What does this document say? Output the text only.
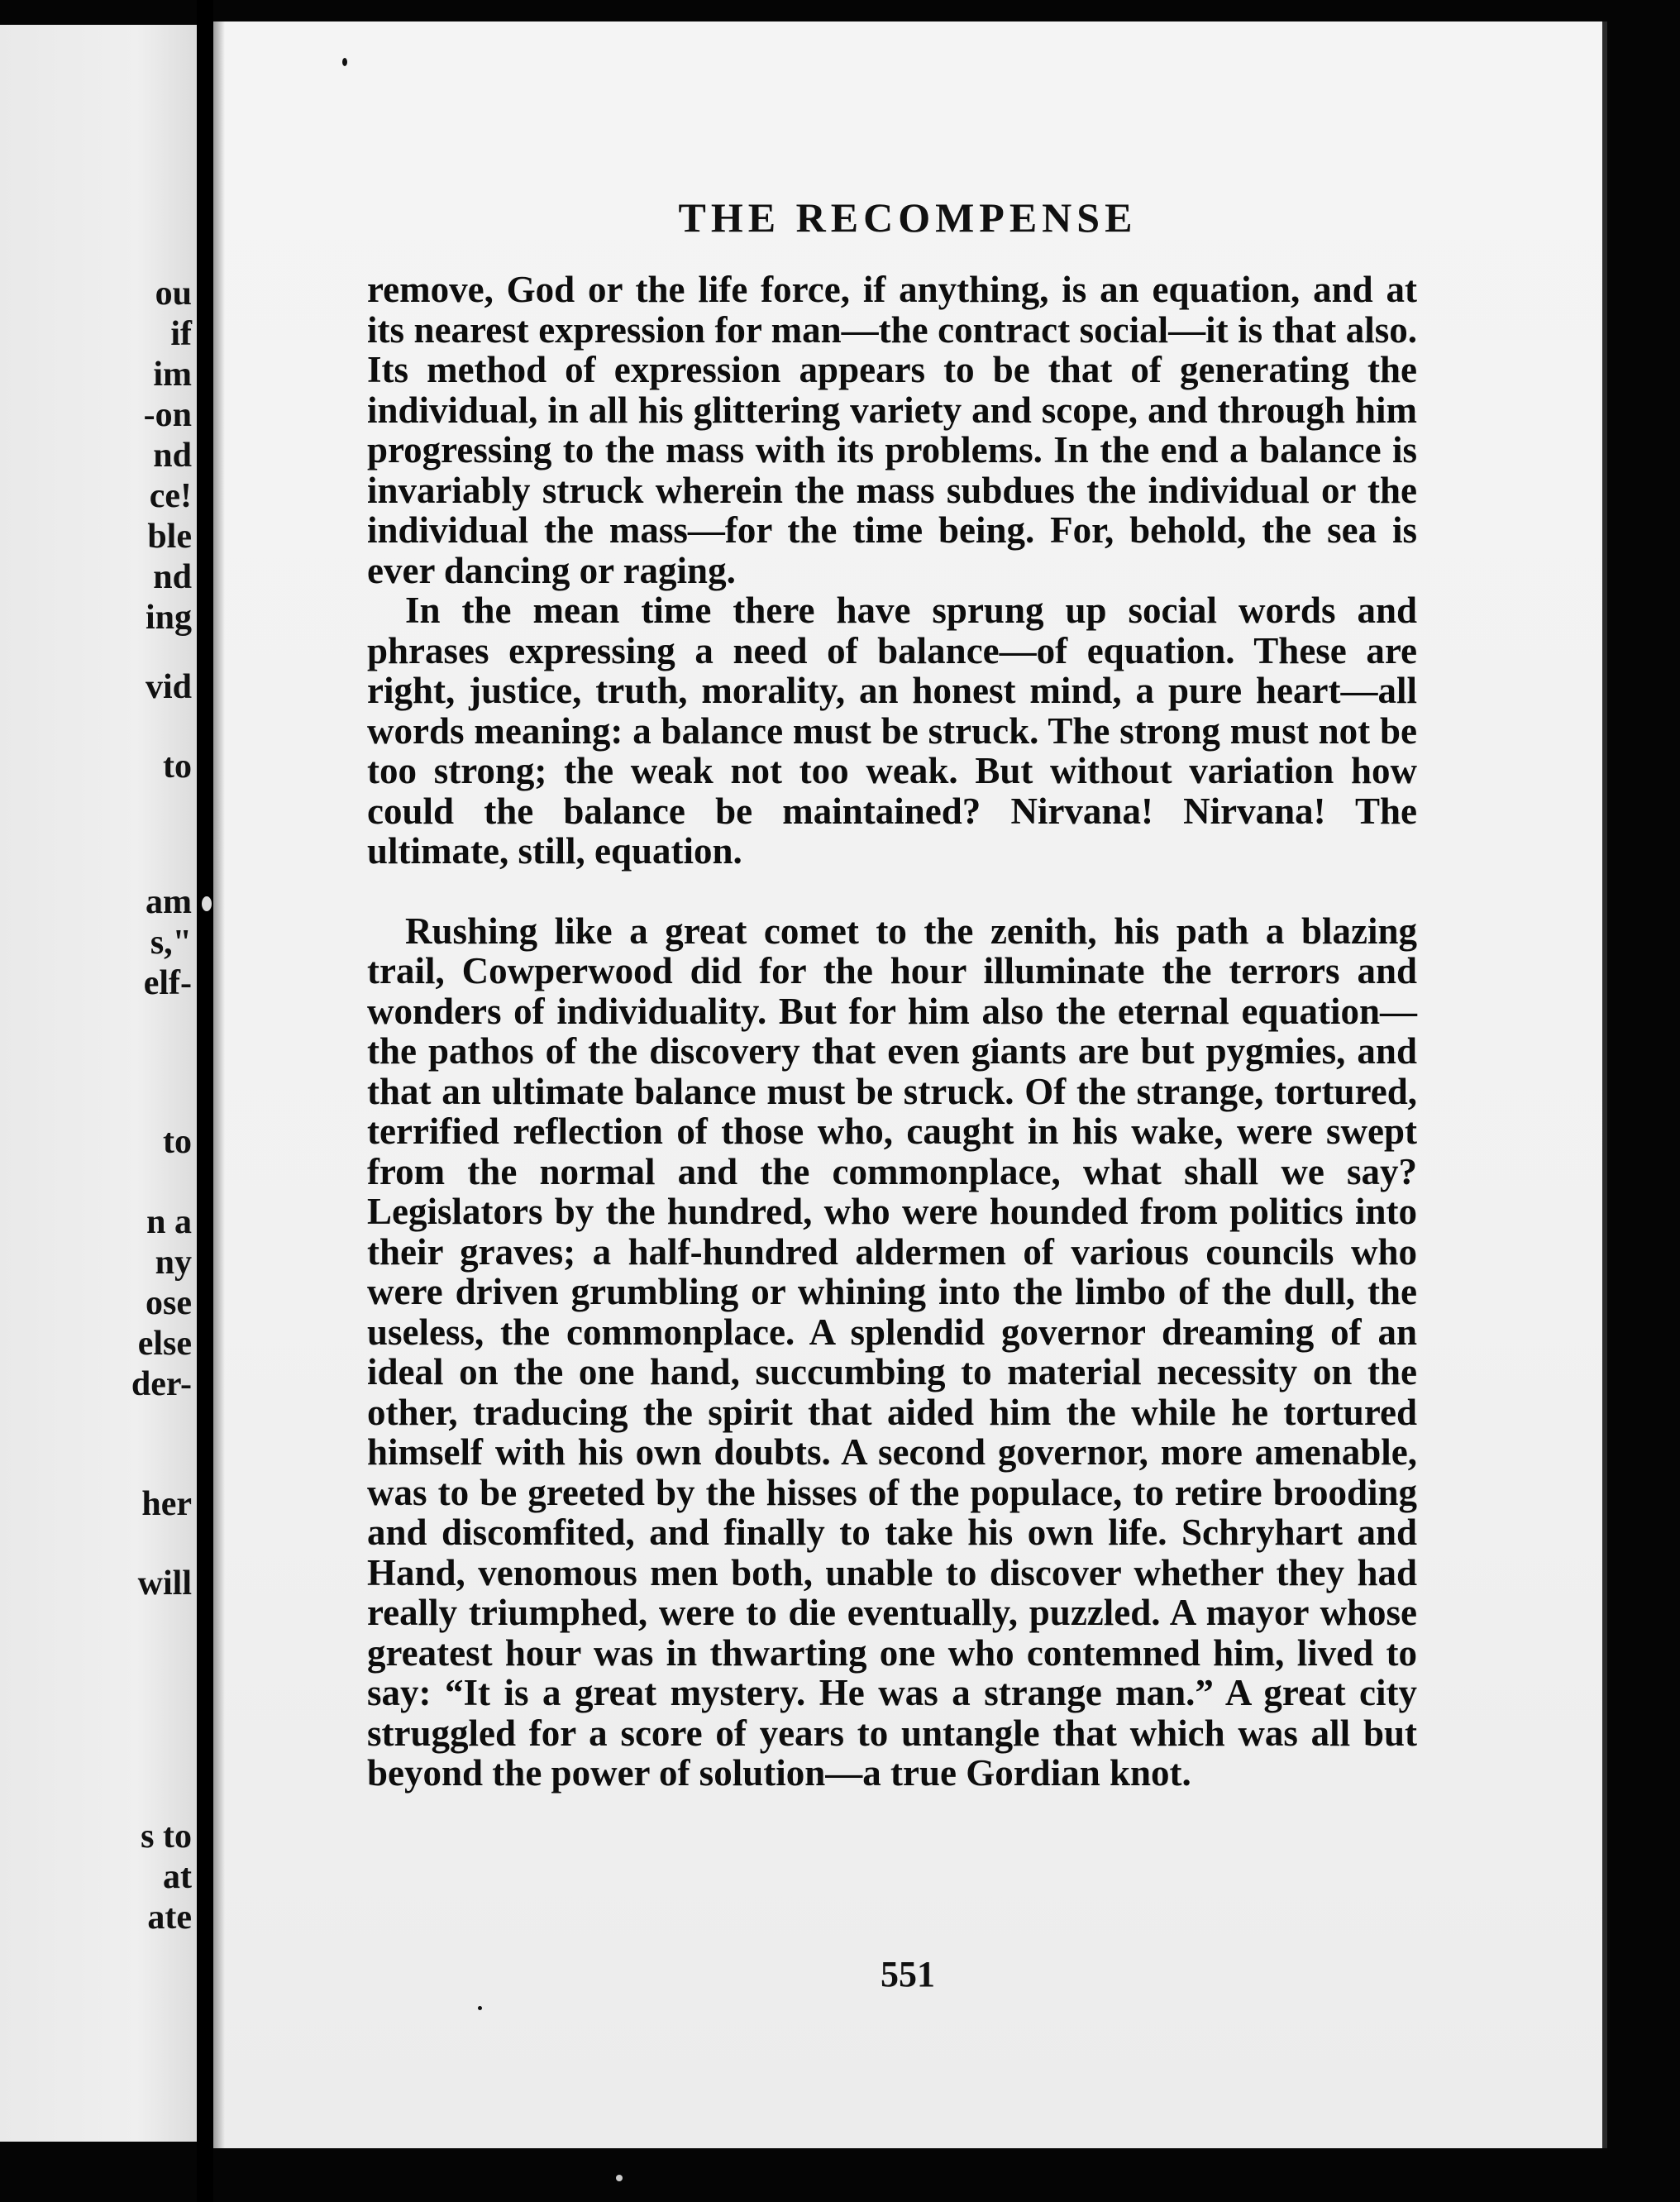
ou
if
im
-on
nd
ce!
ble
nd
ing
vid
to
am
s,"
elf-
to
n a
ny
ose
else
der-
her
will
s to
at
ate
THE RECOMPENSE

remove, God or the life force, if anything, is an equation, and at its nearest expression for man—the contract social—it is that also. Its method of expression appears to be that of generating the individual, in all his glittering variety and scope, and through him progressing to the mass with its problems. In the end a balance is invariably struck wherein the mass subdues the individual or the individual the mass—for the time being. For, behold, the sea is ever dancing or raging.

In the mean time there have sprung up social words and phrases expressing a need of balance—of equation. These are right, justice, truth, morality, an honest mind, a pure heart—all words meaning: a balance must be struck. The strong must not be too strong; the weak not too weak. But without variation how could the balance be maintained? Nirvana! Nirvana! The ultimate, still, equation.

Rushing like a great comet to the zenith, his path a blazing trail, Cowperwood did for the hour illuminate the terrors and wonders of individuality. But for him also the eternal equation—the pathos of the discovery that even giants are but pygmies, and that an ultimate balance must be struck. Of the strange, tortured, terrified reflection of those who, caught in his wake, were swept from the normal and the commonplace, what shall we say? Legislators by the hundred, who were hounded from politics into their graves; a half-hundred aldermen of various councils who were driven grumbling or whining into the limbo of the dull, the useless, the commonplace. A splendid governor dreaming of an ideal on the one hand, succumbing to material necessity on the other, traducing the spirit that aided him the while he tortured himself with his own doubts. A second governor, more amenable, was to be greeted by the hisses of the populace, to retire brooding and discomfited, and finally to take his own life. Schryhart and Hand, venomous men both, unable to discover whether they had really triumphed, were to die eventually, puzzled. A mayor whose greatest hour was in thwarting one who contemned him, lived to say: “It is a great mystery. He was a strange man.” A great city struggled for a score of years to untangle that which was all but beyond the power of solution—a true Gordian knot.

551
